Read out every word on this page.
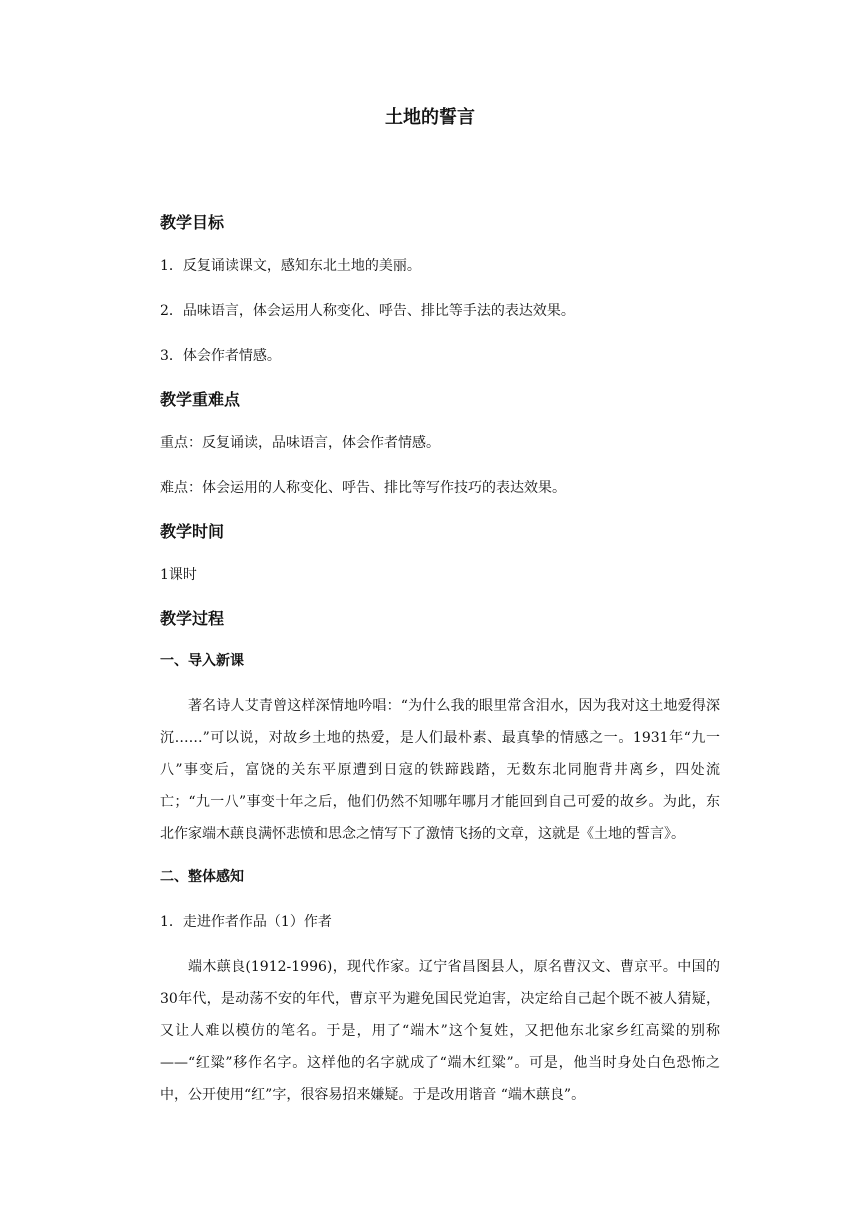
土地的誓言
教学目标
1．反复诵读课文，感知东北土地的美丽。
2．品味语言，体会运用人称变化、呼告、排比等手法的表达效果。
3．体会作者情感。
教学重难点
重点：反复诵读，品味语言，体会作者情感。
难点：体会运用的人称变化、呼告、排比等写作技巧的表达效果。
教学时间
1课时
教学过程
一、导入新课
著名诗人艾青曾这样深情地吟唱：“为什么我的眼里常含泪水，因为我对这土地爱得深沉……”可以说，对故乡土地的热爱，是人们最朴素、最真挚的情感之一。1931年“九一八”事变后，富饶的关东平原遭到日寇的铁蹄践踏，无数东北同胞背井离乡，四处流亡；“九一八”事变十年之后，他们仍然不知哪年哪月才能回到自己可爱的故乡。为此，东北作家端木蕻良满怀悲愤和思念之情写下了激情飞扬的文章，这就是《土地的誓言》。
二、整体感知
1．走进作者作品（1）作者
端木蕻良(1912-1996)，现代作家。辽宁省昌图县人，原名曹汉文、曹京平。中国的30年代，是动荡不安的年代，曹京平为避免国民党迫害，决定给自己起个既不被人猜疑，又让人难以模仿的笔名。于是，用了“端木”这个复姓，又把他东北家乡红高粱的别称——“红粱”移作名字。这样他的名字就成了“端木红粱”。可是，他当时身处白色恐怖之中，公开使用“红”字，很容易招来嫌疑。于是改用谐音 “端木蕻良”。
